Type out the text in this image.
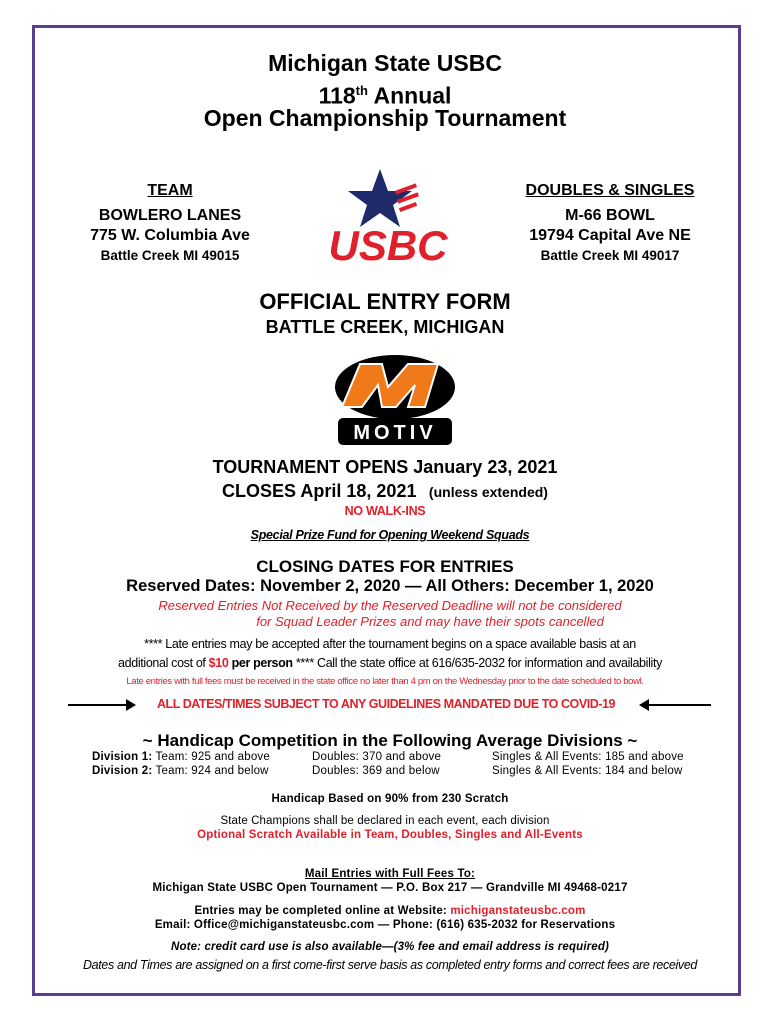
Michigan State USBC
118th Annual
Open Championship Tournament
TEAM
BOWLERO LANES
775 W. Columbia Ave
Battle Creek MI 49015
DOUBLES & SINGLES
M-66 BOWL
19794 Capital Ave NE
Battle Creek MI 49017
USBC
OFFICIAL ENTRY FORM
BATTLE CREEK, MICHIGAN
MOTIV
TOURNAMENT OPENS January 23, 2021
CLOSES April 18, 2021 (unless extended)
NO WALK-INS
Special Prize Fund for Opening Weekend Squads
CLOSING DATES FOR ENTRIES
Reserved Dates: November 2, 2020 — All Others: December 1, 2020
Reserved Entries Not Received by the Reserved Deadline will not be considered
for Squad Leader Prizes and may have their spots cancelled
**** Late entries may be accepted after the tournament begins on a space available basis at an
additional cost of $10 per person **** Call the state office at 616/635-2032 for information and availability
Late entries with full fees must be received in the state office no later than 4 pm on the Wednesday prior to the date scheduled to bowl.
ALL DATES/TIMES SUBJECT TO ANY GUIDELINES MANDATED DUE TO COVID-19
~ Handicap Competition in the Following Average Divisions ~
Division 1: Team: 925 and above	Doubles: 370 and above	Singles & All Events: 185 and above
Division 2: Team: 924 and below	Doubles: 369 and below	Singles & All Events: 184 and below
Handicap Based on 90% from 230 Scratch
State Champions shall be declared in each event, each division
Optional Scratch Available in Team, Doubles, Singles and All-Events
Mail Entries with Full Fees To:
Michigan State USBC Open Tournament — P.O. Box 217 — Grandville MI 49468-0217
Entries may be completed online at Website: michiganstateusbc.com
Email: Office@michiganstateusbc.com — Phone: (616) 635-2032 for Reservations
Note: credit card use is also available—(3% fee and email address is required)
Dates and Times are assigned on a first come-first serve basis as completed entry forms and correct fees are received
